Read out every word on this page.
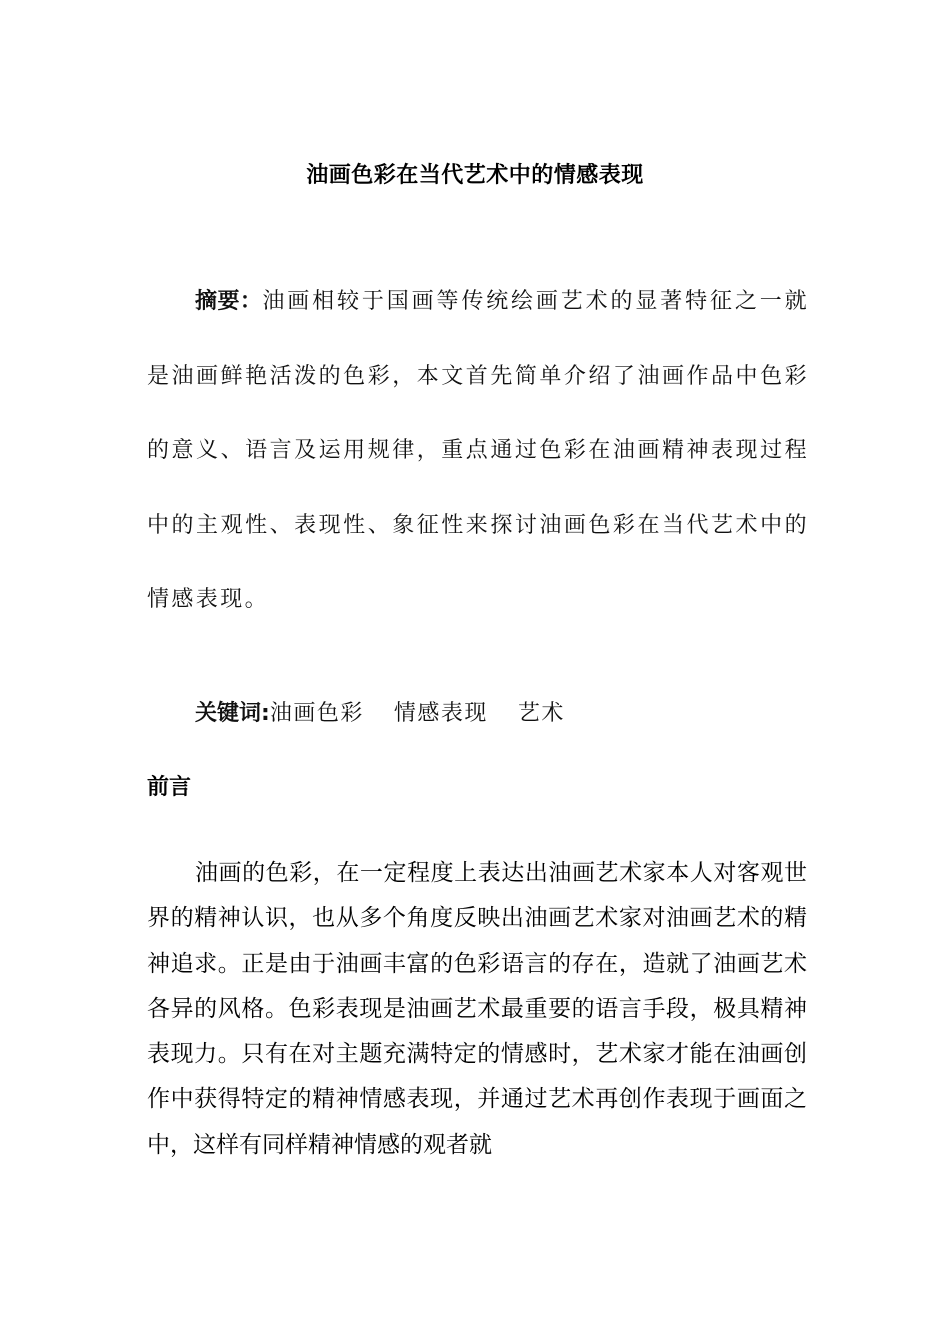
油画色彩在当代艺术中的情感表现
摘要：油画相较于国画等传统绘画艺术的显著特征之一就是油画鲜艳活泼的色彩，本文首先简单介绍了油画作品中色彩的意义、语言及运用规律，重点通过色彩在油画精神表现过程中的主观性、表现性、象征性来探讨油画色彩在当代艺术中的情感表现。
关键词:油画色彩 情感表现 艺术
前言
油画的色彩，在一定程度上表达出油画艺术家本人对客观世界的精神认识，也从多个角度反映出油画艺术家对油画艺术的精神追求。正是由于油画丰富的色彩语言的存在，造就了油画艺术各异的风格。色彩表现是油画艺术最重要的语言手段，极具精神表现力。只有在对主题充满特定的情感时，艺术家才能在油画创作中获得特定的精神情感表现，并通过艺术再创作表现于画面之中，这样有同样精神情感的观者就
